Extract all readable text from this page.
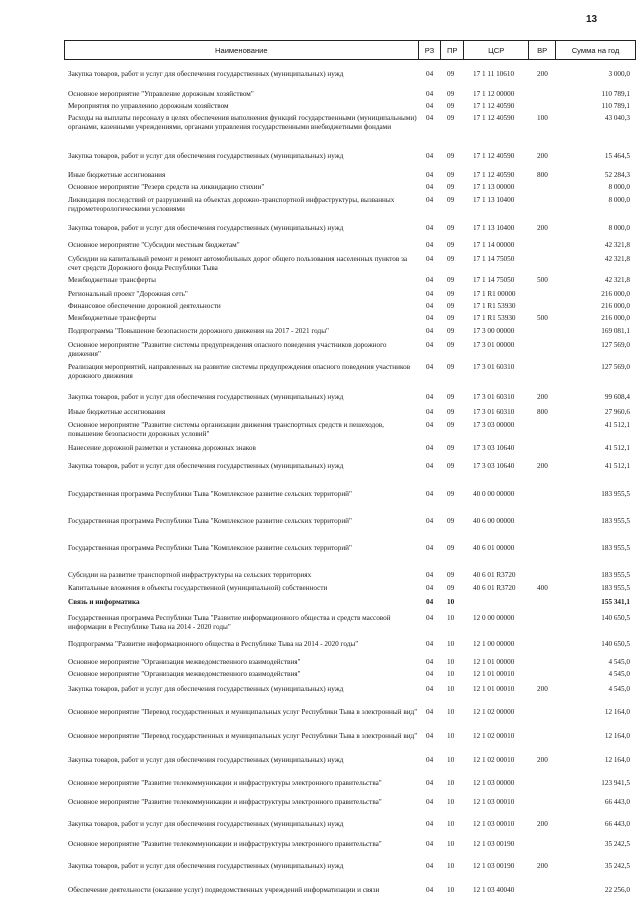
13
Наименование	РЗ	ПР	ЦСР	ВР	Сумма на год
Закупка товаров, работ и услуг для обеспечения государственных (муниципальных) нужд	04 09	17 1 11 10610	200	3 000,0
Основное мероприятие "Управление дорожным хозяйством"	04 09	17 1 12 00000	110 789,1
Мероприятия по управлению дорожным хозяйством	04 09	17 1 12 40590	110 789,1
Расходы на выплаты персоналу в целях обеспечения выполнения функций государственными (муниципальными) органами, казенными учреждениями, органами управления государственными внебюджетными фондами
04 09	17 1 12 40590	100	43 040,3
Закупка товаров, работ и услуг для обеспечения государственных (муниципальных) нужд	04 09	17 1 12 40590	200	15 464,5
Иные бюджетные ассигнования	04 09	17 1 12 40590	800	52 284,3
Основное мероприятие "Резерв средств на ликвидацию стихии"	04 09	17 1 13 00000	8 000,0
Ликвидация последствий от разрушений на объектах дорожно-транспортной инфраструктуры, вызванных гидрометеорологическими условиями
04 09	17 1 13 10400	8 000,0
Закупка товаров, работ и услуг для обеспечения государственных (муниципальных) нужд	04 09	17 1 13 10400	200	8 000,0
Основное мероприятие "Субсидии местным бюджетам"	04 09	17 1 14 00000	42 321,8
Субсидии на капитальный ремонт и ремонт автомобильных дорог общего пользования населенных пунктов за счет средств Дорожного фонда Республики Тыва
04 09	17 1 14 75050	42 321,8
Межбюджетные трансферты	04 09	17 1 14 75050	500	42 321,8
Региональный проект "Дорожная сеть"	04 09	17 1 R1 00000	216 000,0
Финансовое обеспечение дорожной деятельности	04 09	17 1 R1 53930	216 000,0
Межбюджетные трансферты	04 09	17 1 R1 53930	500	216 000,0
Подпрограмма "Повышение безопасности дорожного движения на 2017 - 2021 годы"	04 09	17 3 00 00000	169 081,1
Основное мероприятие "Развитие системы предупреждения опасного поведения участников дорожного движения"
04 09	17 3 01 00000	127 569,0
Реализация мероприятий, направленных на развитие системы предупреждения опасного поведения участников дорожного движения
04 09	17 3 01 60310	127 569,0
Закупка товаров, работ и услуг для обеспечения государственных (муниципальных) нужд	04 09	17 3 01 60310	200	99 608,4
Иные бюджетные ассигнования	04 09	17 3 01 60310	800	27 960,6
Основное мероприятие "Развитие системы организации движения транспортных средств и пешеходов, повышение безопасности дорожных условий"
04 09	17 3 03 00000	41 512,1
Нанесение дорожной разметки и установка дорожных знаков	04 09	17 3 03 10640	41 512,1
Закупка товаров, работ и услуг для обеспечения государственных (муниципальных) нужд	04 09	17 3 03 10640	200	41 512,1
Государственная программа Республики Тыва "Комплексное развитие сельских территорий"	04 09	40 0 00 00000	183 955,5
Государственная программа Республики Тыва "Комплексное развитие сельских территорий"	04 09	40 6 00 00000	183 955,5
Государственная программа Республики Тыва "Комплексное развитие сельских территорий"	04 09	40 6 01 00000	183 955,5
Субсидии на развитие транспортной инфраструктуры на сельских территориях	04 09	40 6 01 R3720	183 955,5
Капитальные вложения в объекты государственной (муниципальной) собственности	04 09	40 6 01 R3720	400	183 955,5
Связь и информатика	04 10	155 341,1
Государственная программа Республики Тыва "Развитие информационного общества и средств массовой информации в Республике Тыва на 2014 - 2020 годы"
04 10	12 0 00 00000	140 650,5
Подпрограмма "Развитие информационного общества в Республике Тыва на 2014 - 2020 годы"	04 10	12 1 00 00000	140 650,5
Основное мероприятие "Организация межведомственного взаимодействия"	04 10	12 1 01 00000	4 545,0
Основное мероприятие "Организация межведомственного взаимодействия"	04 10	12 1 01 00010	4 545,0
Закупка товаров, работ и услуг для обеспечения государственных (муниципальных) нужд	04 10	12 1 01 00010	200	4 545,0
Основное мероприятие "Перевод государственных и муниципальных услуг Республики Тыва в электронный вид"	04 10	12 1 02 00000	12 164,0
Основное мероприятие "Перевод государственных и муниципальных услуг Республики Тыва в электронный вид"	04 10	12 1 02 00010	12 164,0
Закупка товаров, работ и услуг для обеспечения государственных (муниципальных) нужд	04 10	12 1 02 00010	200	12 164,0
Основное мероприятие "Развитие телекоммуникации и инфраструктуры электронного правительства"	04 10	12 1 03 00000	123 941,5
Основное мероприятие "Развитие телекоммуникации и инфраструктуры электронного правительства"	04 10	12 1 03 00010	66 443,0
Закупка товаров, работ и услуг для обеспечения государственных (муниципальных) нужд	04 10	12 1 03 00010	200	66 443,0
Основное мероприятие "Развитие телекоммуникации и инфраструктуры электронного правительства"	04 10	12 1 03 00190	35 242,5
Закупка товаров, работ и услуг для обеспечения государственных (муниципальных) нужд	04 10	12 1 03 00190	200	35 242,5
Обеспечение деятельности (оказание услуг) подведомственных учреждений информатизации и связи	04 10	12 1 03 40040	22 256,0
